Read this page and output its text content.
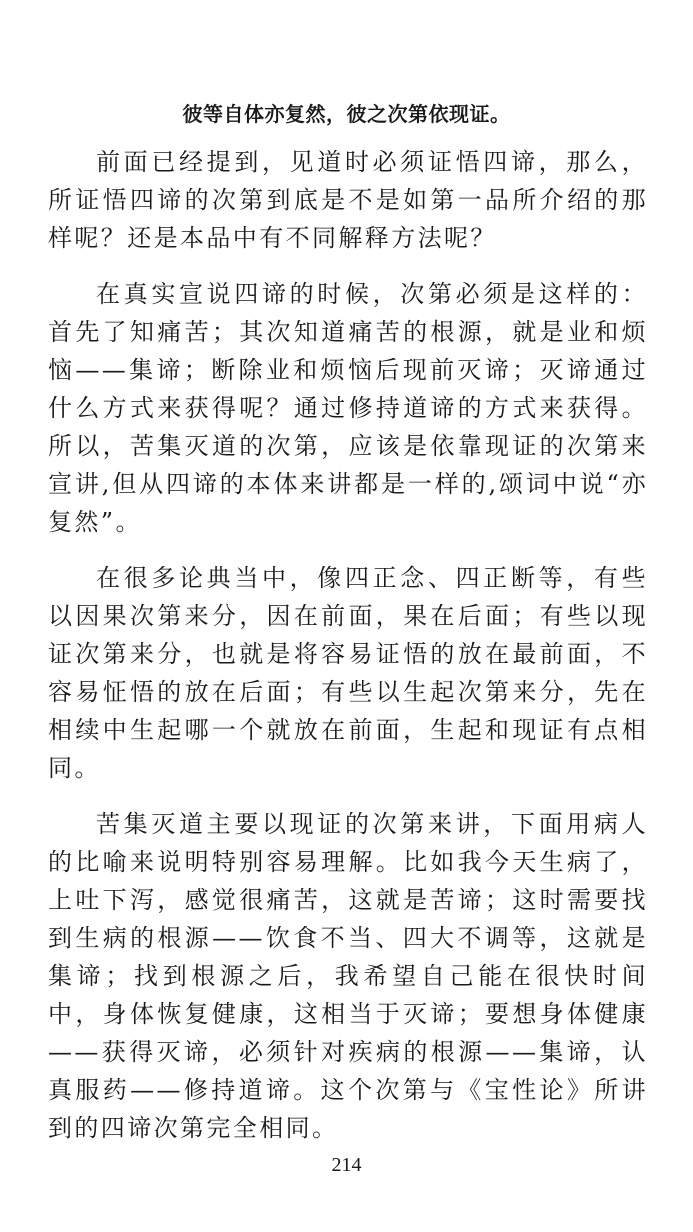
彼等自体亦复然，彼之次第依现证。

前面已经提到，见道时必须证悟四谛，那么，所证悟四谛的次第到底是不是如第一品所介绍的那样呢？还是本品中有不同解释方法呢？

在真实宣说四谛的时候，次第必须是这样的：首先了知痛苦；其次知道痛苦的根源，就是业和烦恼——集谛；断除业和烦恼后现前灭谛；灭谛通过什么方式来获得呢？通过修持道谛的方式来获得。所以，苦集灭道的次第，应该是依靠现证的次第来宣讲,但从四谛的本体来讲都是一样的,颂词中说“亦复然”。

在很多论典当中，像四正念、四正断等，有些以因果次第来分，因在前面，果在后面；有些以现证次第来分，也就是将容易证悟的放在最前面，不容易怔悟的放在后面；有些以生起次第来分，先在相续中生起哪一个就放在前面，生起和现证有点相同。

苦集灭道主要以现证的次第来讲，下面用病人的比喻来说明特别容易理解。比如我今天生病了，上吐下泻，感觉很痛苦，这就是苦谛；这时需要找到生病的根源——饮食不当、四大不调等，这就是集谛；找到根源之后，我希望自己能在很快时间中，身体恢复健康，这相当于灭谛；要想身体健康——获得灭谛，必须针对疾病的根源——集谛，认真服药——修持道谛。这个次第与《宝性论》所讲到的四谛次第完全相同。

214
